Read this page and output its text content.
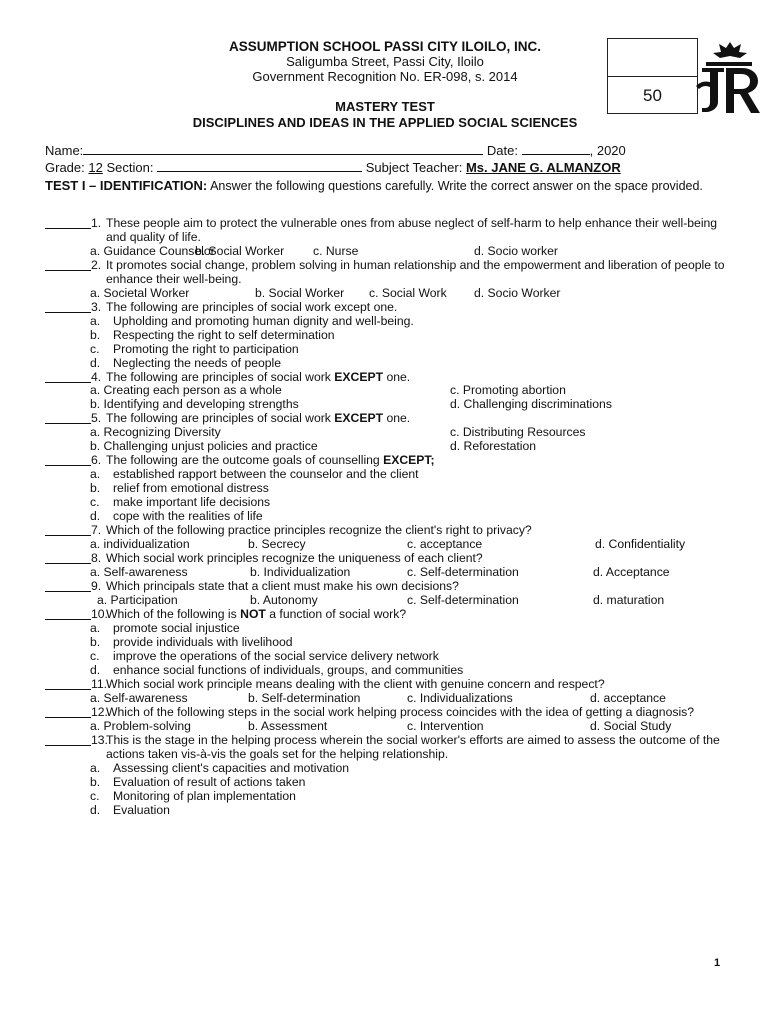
ASSUMPTION SCHOOL PASSI CITY ILOILO, INC.
Saligumba Street, Passi City, Iloilo
Government Recognition No. ER-098, s. 2014
MASTERY TEST
DISCIPLINES AND IDEAS IN THE APPLIED SOCIAL SCIENCES
50
Name:	Date:	, 2020
Grade: 12 Section:	Subject Teacher: Ms. JANE G. ALMANZOR
TEST I – IDENTIFICATION: Answer the following questions carefully. Write the correct answer on the space provided.
1. These people aim to protect the vulnerable ones from abuse neglect of self-harm to help enhance their well-being and quality of life.
a. Guidance Counselor
b. Social Worker c. Nurse	d. Socio worker
2. It promotes social change, problem solving in human relationship and the empowerment and liberation of people to enhance their well-being.
a. Societal Worker	b. Social Worker c. Social Work d. Socio Worker
3. The following are principles of social work except one.
a. Upholding and promoting human dignity and well-being.
b. Respecting the right to self determination
c. Promoting the right to participation
d. Neglecting the needs of people
4. The following are principles of social work EXCEPT one.
a. Creating each person as a whole	c. Promoting abortion
b. Identifying and developing strengths	d. Challenging discriminations
5. The following are principles of social work EXCEPT one.
a. Recognizing Diversity	c. Distributing Resources
b. Challenging unjust policies and practice	d. Reforestation
6. The following are the outcome goals of counselling EXCEPT;
a. established rapport between the counselor and the client
b. relief from emotional distress
c. make important life decisions
d. cope with the realities of life
7. Which of the following practice principles recognize the client's right to privacy?
a. individualization	b. Secrecy	c. acceptance	d. Confidentiality
8. Which social work principles recognize the uniqueness of each client?
a. Self-awareness	b. Individualization	c. Self-determination	d. Acceptance
9. Which principals state that a client must make his own decisions?
a. Participation	b. Autonomy	c. Self-determination	d. maturation
10.
Which of the following is NOT a function of social work?
a. promote social injustice
b. provide individuals with livelihood
c. improve the operations of the social service delivery network
d. enhance social functions of individuals, groups, and communities
11.
Which social work principle means dealing with the client with genuine concern and respect?
a. Self-awareness	b. Self-determination	c. Individualizations	d. acceptance
12.
Which of the following steps in the social work helping process coincides with the idea of getting a diagnosis?
a. Problem-solving	b. Assessment	c. Intervention	d. Social Study
13.
This is the stage in the helping process wherein the social worker's efforts are aimed to assess the outcome of the actions taken vis-à-vis the goals set for the helping relationship.
a. Assessing client's capacities and motivation
b. Evaluation of result of actions taken
c. Monitoring of plan implementation
d. Evaluation
1
